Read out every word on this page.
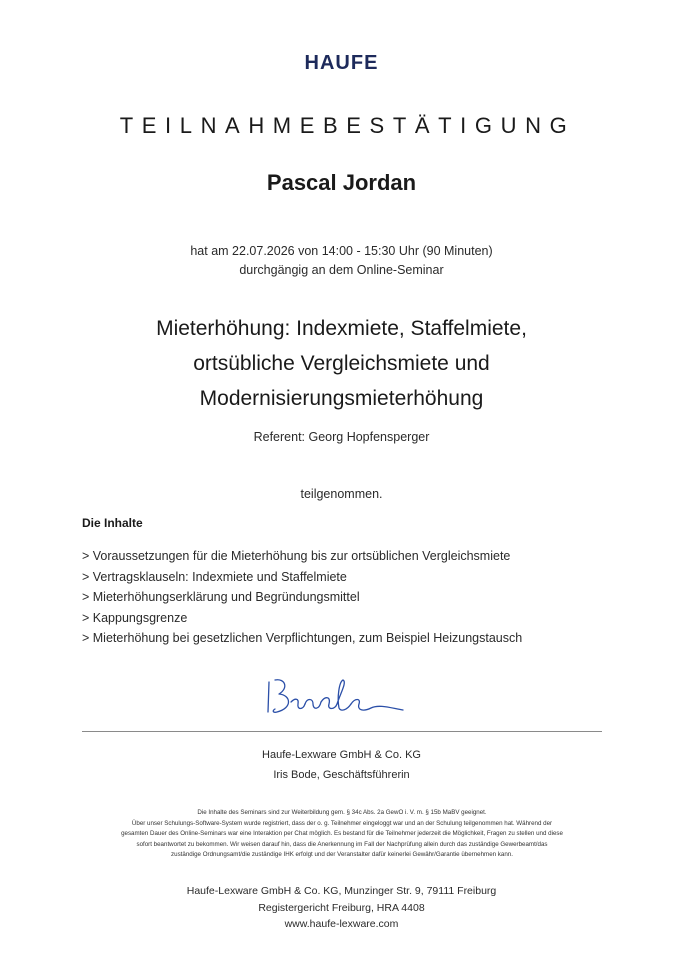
HAUFE
TEILNAHMEBESTÄTIGUNG
Pascal Jordan
hat am 22.07.2026 von 14:00 - 15:30 Uhr (90 Minuten)
durchgängig an dem Online-Seminar
Mieterhöhung: Indexmiete, Staffelmiete,
ortsübliche Vergleichsmiete und
Modernisierungsmieterhöhung
Referent: Georg Hopfensperger
teilgenommen.
Die Inhalte
> Voraussetzungen für die Mieterhöhung bis zur ortsüblichen Vergleichsmiete
> Vertragsklauseln: Indexmiete und Staffelmiete
> Mieterhöhungserklärung und Begründungsmittel
> Kappungsgrenze
> Mieterhöhung bei gesetzlichen Verpflichtungen, zum Beispiel Heizungstausch
Haufe-Lexware GmbH & Co. KG
Iris Bode, Geschäftsführerin

Die Inhalte des Seminars sind zur Weiterbildung gem. § 34c Abs. 2a GewO i. V. m. § 15b MaBV geeignet.

Über unser Schulungs-Software-System wurde registriert, dass der o. g. Teilnehmer eingeloggt war und an der Schulung teilgenommen hat. Während der

gesamten Dauer des Online-Seminars war eine Interaktion per Chat möglich. Es bestand für die Teilnehmer jederzeit die Möglichkeit, Fragen zu stellen und diese

sofort beantwortet zu bekommen. Wir weisen darauf hin, dass die Anerkennung im Fall der Nachprüfung allein durch das zuständige Gewerbeamt/das

zuständige Ordnungsamt/die zuständige IHK erfolgt und der Veranstalter dafür keinerlei Gewähr/Garantie übernehmen kann.

Haufe-Lexware GmbH & Co. KG, Munzinger Str. 9, 79111 Freiburg
Registergericht Freiburg, HRA 4408
www.haufe-lexware.com
